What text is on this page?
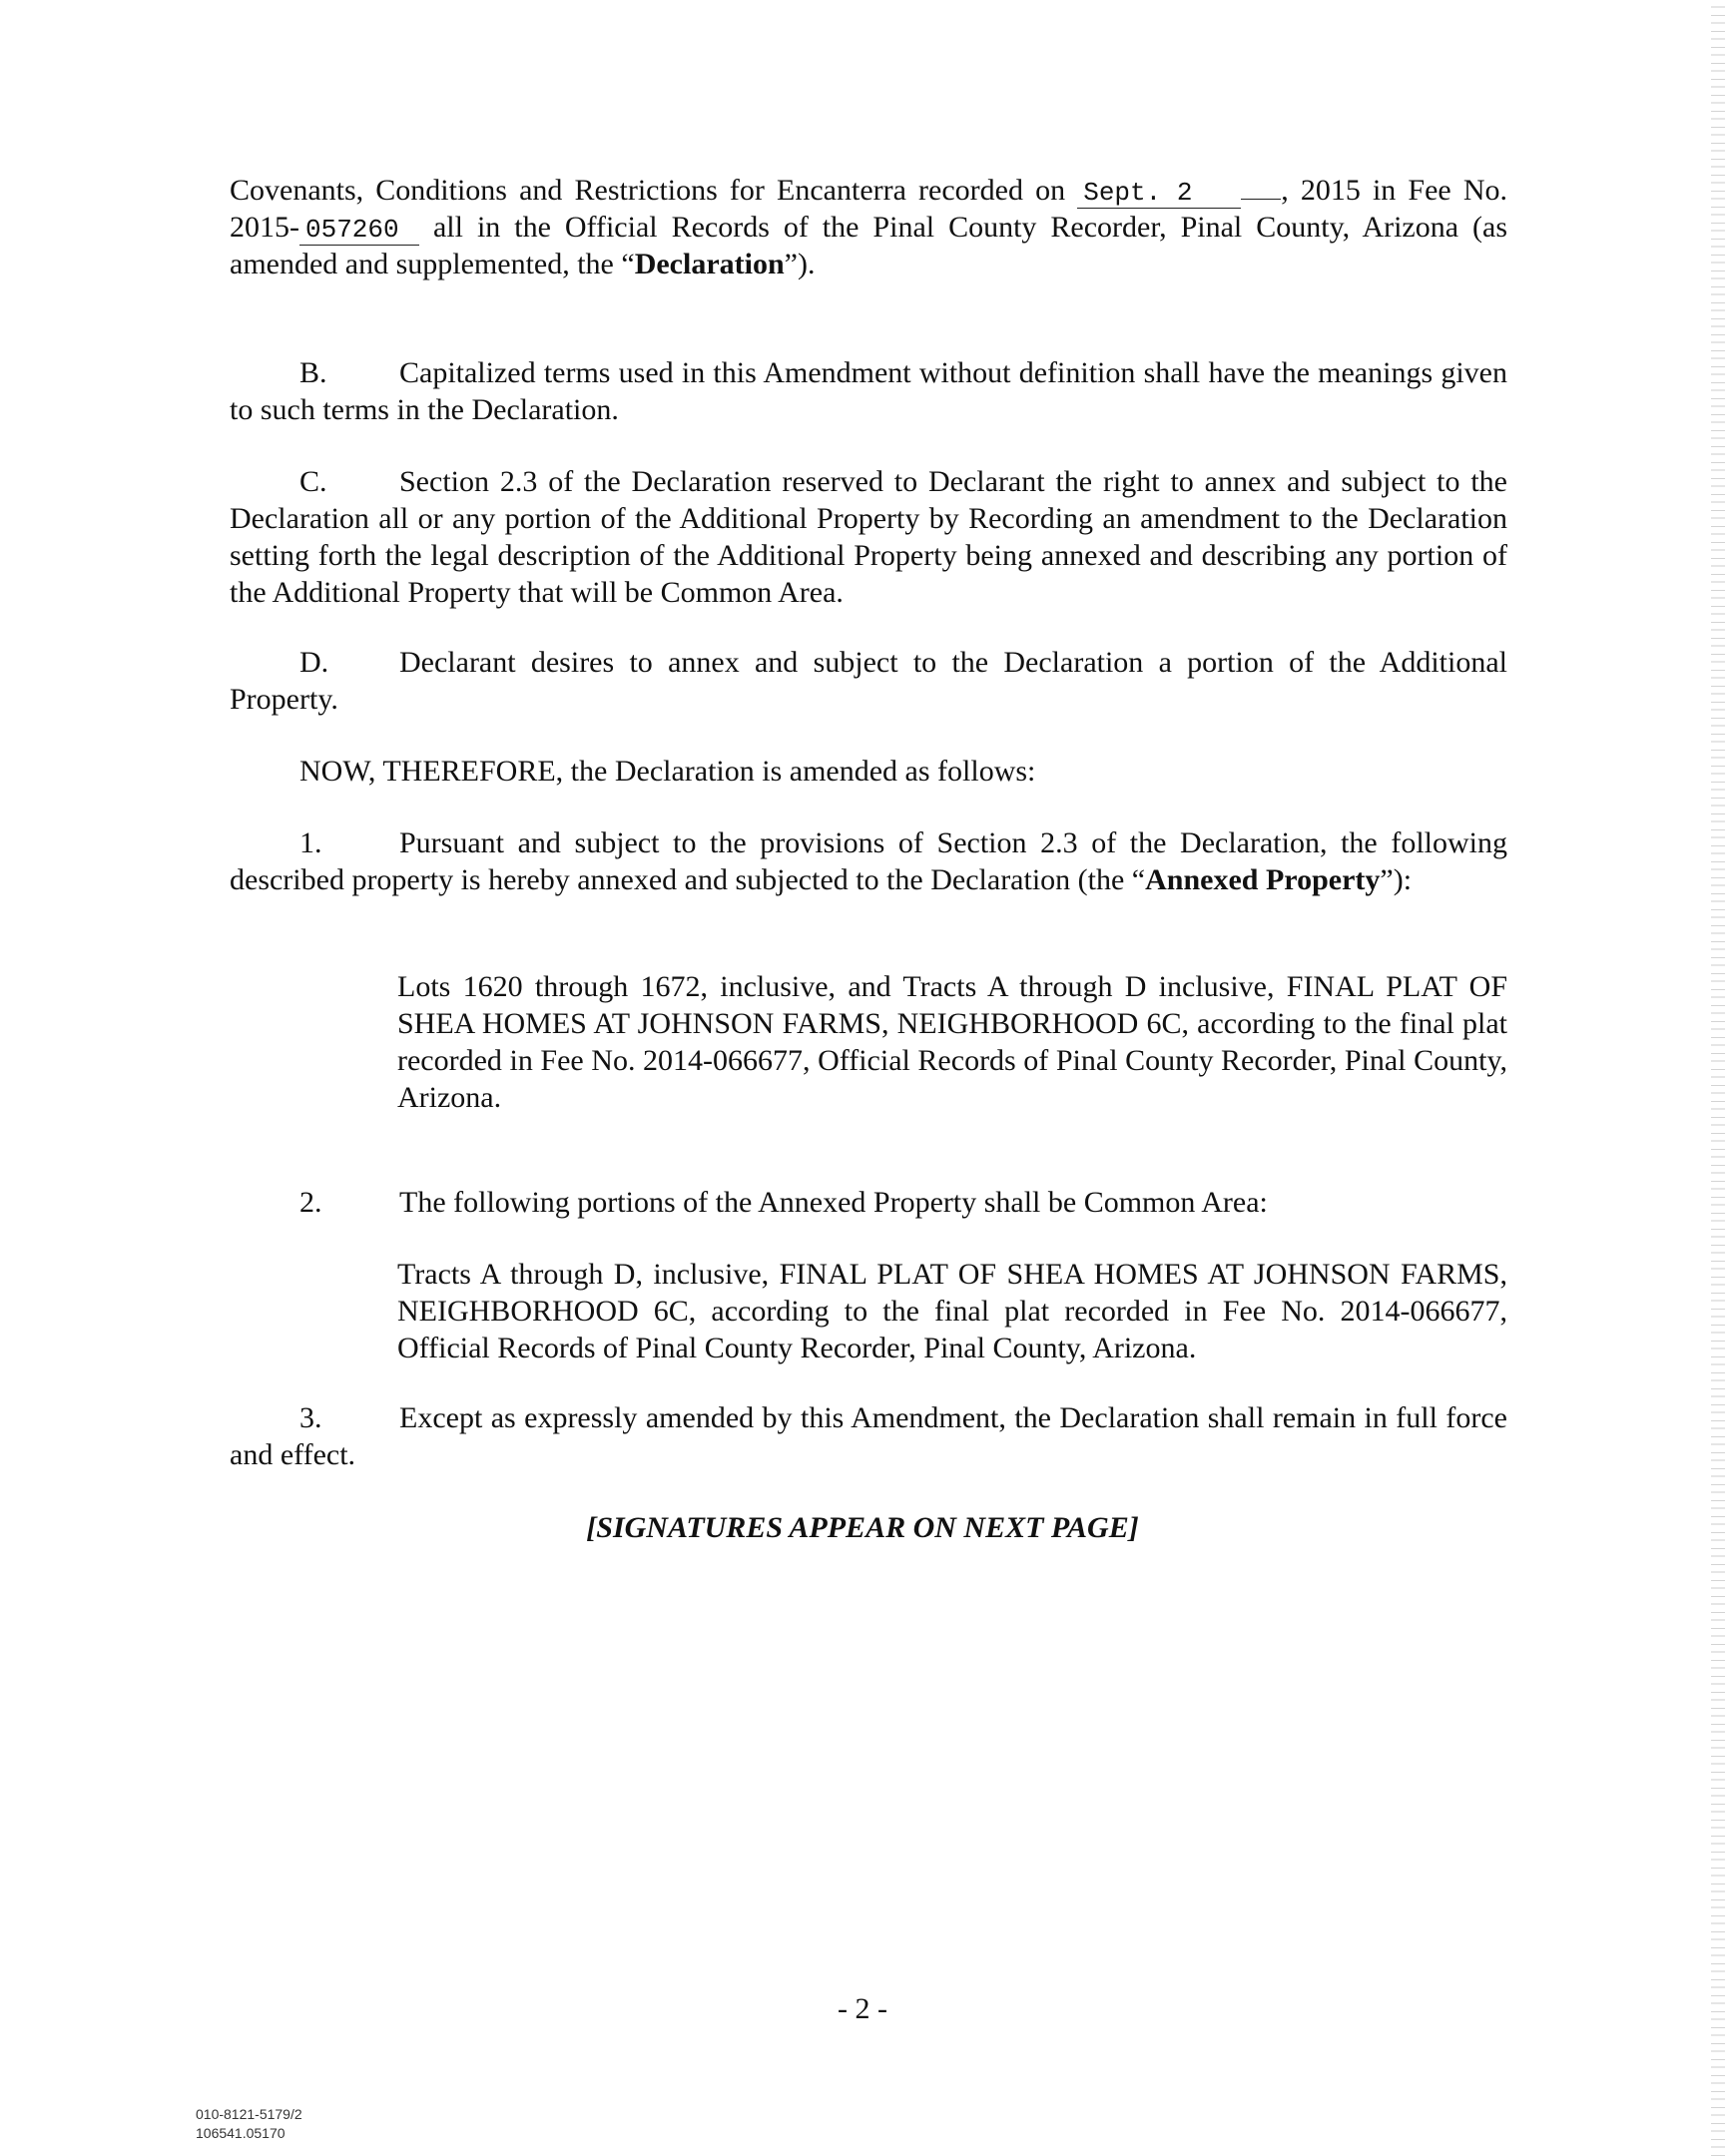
Covenants, Conditions and Restrictions for Encanterra recorded on Sept. 2	, 2015 in Fee No. 2015- 057260 all in the Official Records of the Pinal County Recorder, Pinal County, Arizona (as amended and supplemented, the “Declaration”).

B. Capitalized terms used in this Amendment without definition shall have the meanings given to such terms in the Declaration.

C. Section 2.3 of the Declaration reserved to Declarant the right to annex and subject to the Declaration all or any portion of the Additional Property by Recording an amendment to the Declaration setting forth the legal description of the Additional Property being annexed and describing any portion of the Additional Property that will be Common Area.

D. Declarant desires to annex and subject to the Declaration a portion of the Additional Property.

NOW, THEREFORE, the Declaration is amended as follows:

1.	Pursuant and subject to the provisions of Section 2.3 of the Declaration, the following described property is hereby annexed and subjected to the Declaration (the “Annexed Property”):

Lots 1620 through 1672, inclusive, and Tracts A through D inclusive, FINAL PLAT OF SHEA HOMES AT JOHNSON FARMS, NEIGHBORHOOD 6C, according to the final plat recorded in Fee No. 2014-066677, Official Records of Pinal County Recorder, Pinal County, Arizona.

2.	The following portions of the Annexed Property shall be Common Area:

Tracts A through D, inclusive, FINAL PLAT OF SHEA HOMES AT JOHNSON FARMS, NEIGHBORHOOD 6C, according to the final plat recorded in Fee No. 2014-066677, Official Records of Pinal County Recorder, Pinal County, Arizona.

3.	Except as expressly amended by this Amendment, the Declaration shall remain in full force and effect.

[SIGNATURES APPEAR ON NEXT PAGE]
- 2 -
010-8121-5179/2
106541.05170
